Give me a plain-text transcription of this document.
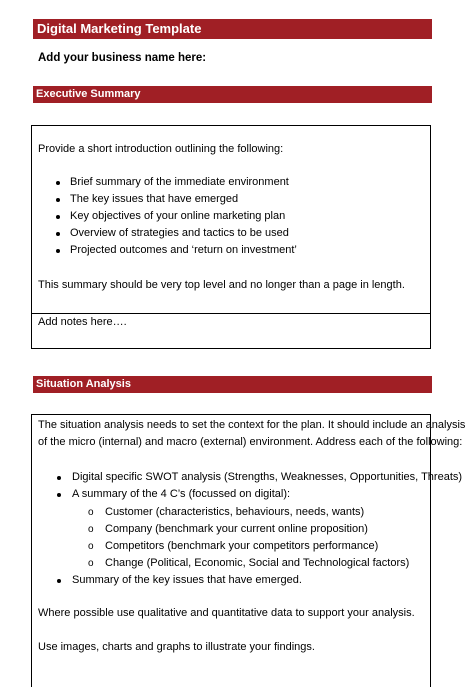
Digital Marketing Template
Add your business name here:
Executive Summary
Provide a short introduction outlining the following:
Brief summary of the immediate environment
The key issues that have emerged
Key objectives of your online marketing plan
Overview of strategies and tactics to be used
Projected outcomes and ‘return on investment’
This summary should be very top level and no longer than a page in length.
Add notes here….
Situation Analysis
The situation analysis needs to set the context for the plan. It should include an analysis
of the micro (internal) and macro (external) environment. Address each of the following:
Digital specific SWOT analysis (Strengths, Weaknesses, Opportunities, Threats)
A summary of the 4 C’s (focussed on digital):
o Customer (characteristics, behaviours, needs, wants)
o Company (benchmark your current online proposition)
o Competitors (benchmark your competitors performance)
o Change (Political, Economic, Social and Technological factors)
Summary of the key issues that have emerged.
Where possible use qualitative and quantitative data to support your analysis.
Use images, charts and graphs to illustrate your findings.
